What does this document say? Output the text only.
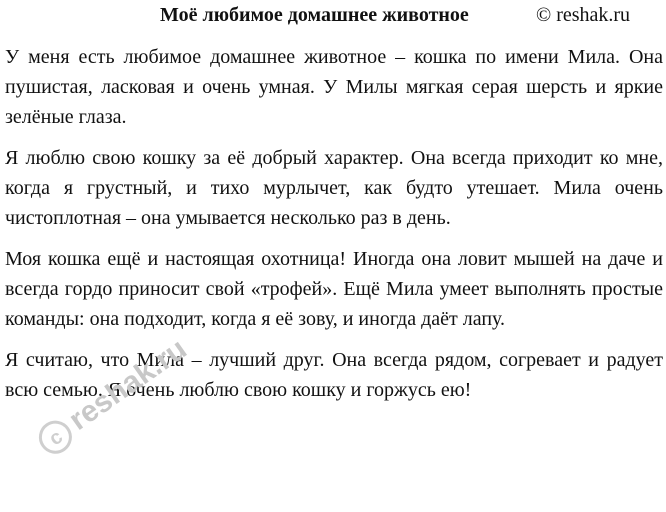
Моё любимое домашнее животное	© reshak.ru

У меня есть любимое домашнее животное – кошка по имени Мила. Она пушистая, ласковая и очень умная. У Милы мягкая серая шерсть и яркие зелёные глаза.

Я люблю свою кошку за её добрый характер. Она всегда приходит ко мне, когда я грустный, и тихо мурлычет, как будто утешает. Мила очень чистоплотная – она умывается несколько раз в день.

Моя кошка ещё и настоящая охотница! Иногда она ловит мышей на даче и всегда гордо приносит свой «трофей». Ещё Мила умеет выполнять простые команды: она подходит, когда я её зову, и иногда даёт лапу.

Я считаю, что Мила – лучший друг. Она всегда рядом, согревает и радует всю семью. Я очень люблю свою кошку и горжусь ею!

c
reshak.ru
